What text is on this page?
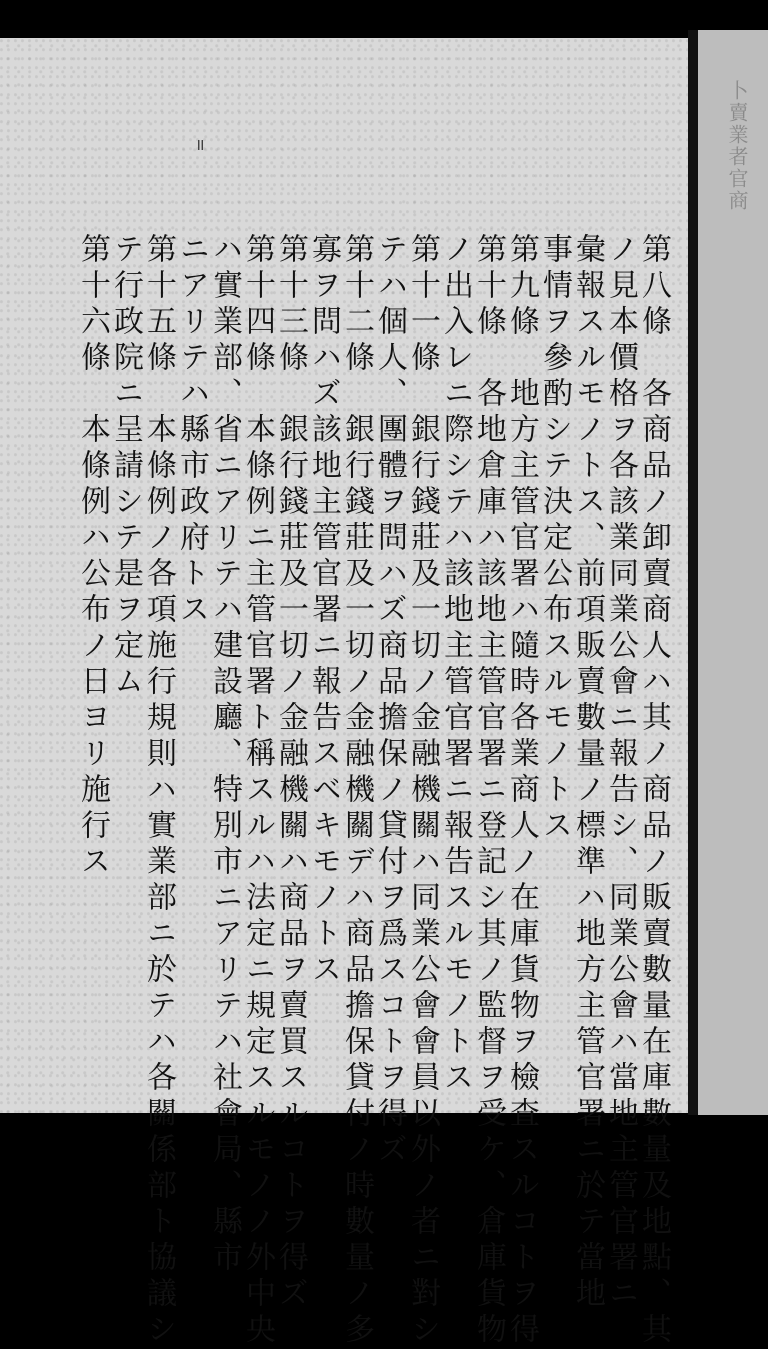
॥
第八條　各商品ノ卸賣商人ハ其ノ商品ノ販賣數量在庫數量及地點、其
ノ見本價格ヲ各該業同業公會ニ報告シ、同業公會ハ當地主管官署ニ
彙報スルモノトス、前項販賣數量ノ標準ハ地方主管官署ニ於テ當地
事情ヲ參酌シテ決定公布スルモノトス
第九條　地方主管官署ハ隨時各業商人ノ在庫貨物ヲ檢査スルコトヲ得
第十條　各地倉庫ハ該地主管官署ニ登記シ其ノ監督ヲ受ケ、倉庫貨物
ノ出入レニ際シテハ該地主管官署ニ報告スルモノトス
第十一條　銀行錢莊及一切ノ金融機關ハ同業公會會員以外ノ者ニ對シ
テハ個人、團體ヲ問ハズ商品擔保ノ貸付ヲ爲スコトヲ得ズ
第十二條　銀行錢莊及一切ノ金融機關デハ商品擔保貸付ノ時數量ノ多
寡ヲ問ハズ該地主管官署ニ報告スベキモノトス
第十三條　銀行錢莊及一切ノ金融機關ハ商品ヲ賣買スルコトヲ得ズ
第十四條　本條例ニ主管官署ト稱スルハ法定ニ規定スルモノノ外中央
ハ實業部、省ニアリテハ建設廳、特別市ニアリテハ社會局、縣市
ニアリテハ縣市政府トス
第十五條　本條例ノ各項施行規則ハ實業部ニ於テハ各關係部ト協議シ
テ行政院ニ呈請シテ是ヲ定ム
第十六條　本條例ハ公布ノ日ヨリ施行ス
卜賣業者官商
